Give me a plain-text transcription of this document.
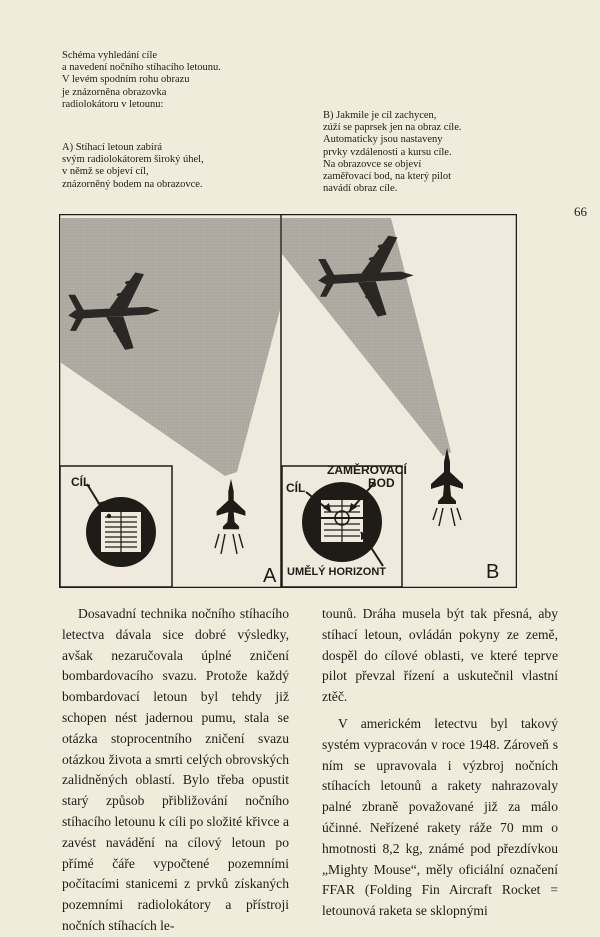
66
Schéma vyhledání cíle
a navedení nočního stíhacího letounu.
V levém spodním rohu obrazu
je znázorněna obrazovka
radiolokátoru v letounu:
A) Stíhací letoun zabírá
svým radiolokátorem široký úhel,
v němž se objeví cíl,
znázorněný bodem na obrazovce.
B) Jakmile je cíl zachycen,
zúží se paprsek jen na obraz cíle.
Automaticky jsou nastaveny
prvky vzdálenosti a kursu cíle.
Na obrazovce se objeví
zaměřovací bod, na který pilot
navádí obraz cíle.
CÍL
A
CÍL
ZAMĚROVACÍ
BOD
UMĚLÝ HORIZONT	B

Dosavadní technika nočního stíhacího letectva dávala sice dobré výsledky, avšak nezaručovala úplné zničení bombardovacího svazu. Protože každý bombardovací letoun byl tehdy již schopen nést jadernou pumu, stala se otázka stoprocentního zničení svazu otázkou života a smrti celých obrovských zalidněných oblastí. Bylo třeba opustit starý způsob přibližování nočního stíhacího letounu k cíli po složité křivce a zavést navádění na cílový letoun po přímé čáře vypočtené pozemními počítacími stanicemi z prvků získaných pozemními radiolokátory a přístroji nočních stíhacích le-

tounů. Dráha musela být tak přesná, aby stíhací letoun, ovládán pokyny ze země, dospěl do cílové oblasti, ve které teprve pilot převzal řízení a uskutečnil vlastní ztěč.

V americkém letectvu byl takový systém vypracován v roce 1948. Zároveň s ním se upravovala i výzbroj nočních stíhacích letounů a rakety nahrazovaly palné zbraně považované již za málo účinné. Neřízené rakety ráže 70 mm o hmotnosti 8,2 kg, známé pod přezdívkou „Mighty Mouse“, měly oficiální označení FFAR (Folding Fin Aircraft Rocket = letounová raketa se sklopnými
